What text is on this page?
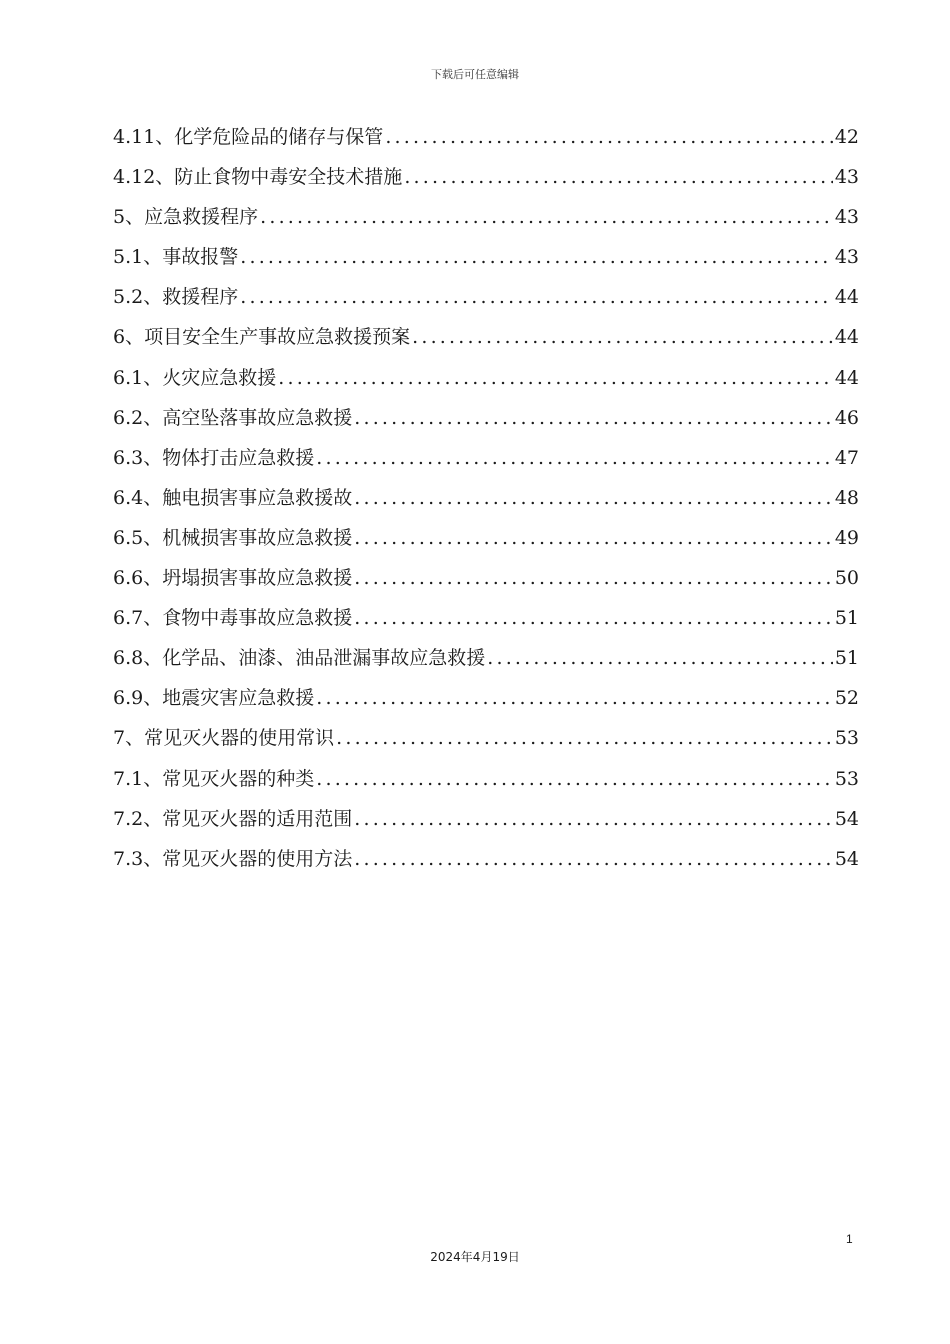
下载后可任意编辑
4.11、化学危险品的储存与保管 .....	42
4.12、防止食物中毒安全技术措施 .....	43
5、应急救援程序 .....	43
5.1、事故报警 .....	43
5.2、救援程序 .....	44
6、项目安全生产事故应急救援预案 .....	44
6.1、火灾应急救援 .....	44
6.2、高空坠落事故应急救援 .....	46
6.3、物体打击应急救援 .....	47
6.4、触电损害事应急救援故 .....	48
6.5、机械损害事故应急救援 .....	49
6.6、坍塌损害事故应急救援 .....	50
6.7、食物中毒事故应急救援 .....	51
6.8、化学品、油漆、油品泄漏事故应急救援 .....	51
6.9、地震灾害应急救援 .....	52
7、常见灭火器的使用常识 .....	53
7.1、常见灭火器的种类 .....	53
7.2、常见灭火器的适用范围 .....	54
7.3、常见灭火器的使用方法 .....	54
1
2024年4月19日
